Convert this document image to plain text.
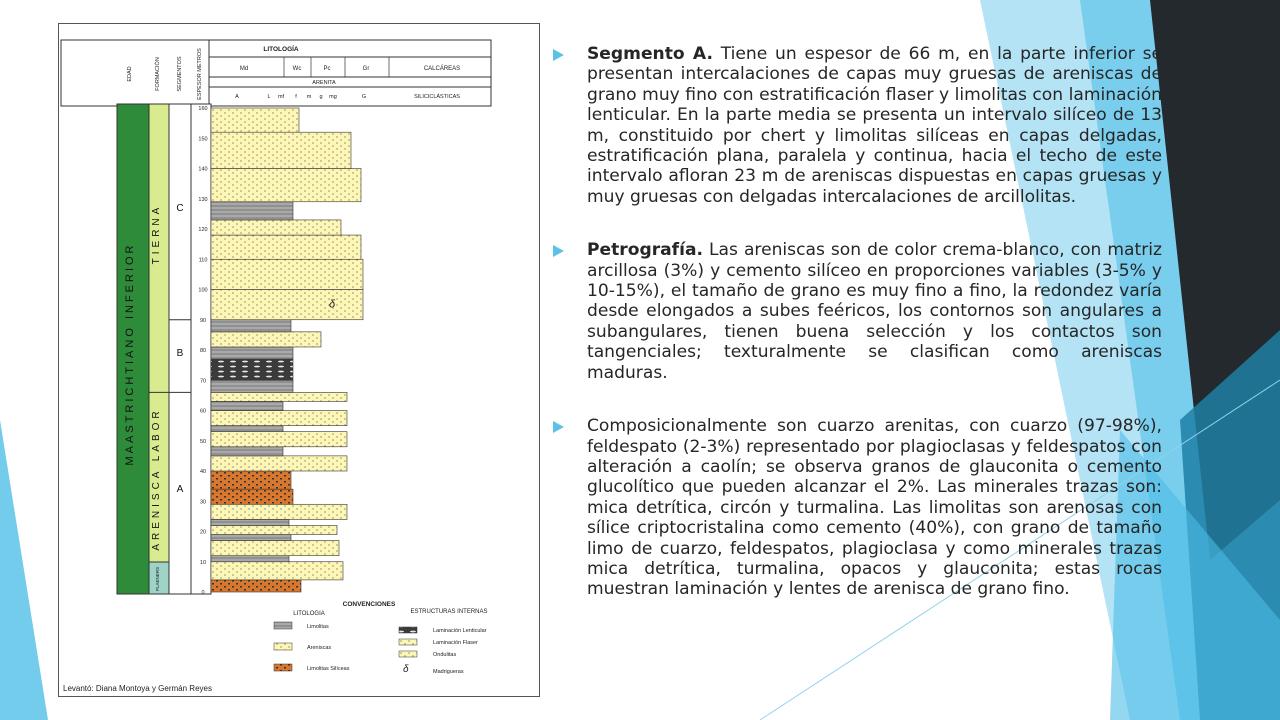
LITOLOGÍA
Md	Wc	Pc	Gr	CALCÁREAS
ARENITA
A	L mf f m g mg	G	SILICICLÁSTICAS
EDAD	FORMACIÓN	SEGMENTOS	ESPESOR METROS
MAASTRICHTIANO INFERIOR
TIERNA
ARENISCA LABOR
PLAENERS
C
B
A
160
150
140
130
120
110
100
90
80
70
60
50
40
30
20
10
0
δ
CONVENCIONES
LITOLOGIA	ESTRUCTURAS INTERNAS
Limolitas
Areniscas
Limolitas Silíceas
Laminación Lenticular
Laminación Flaser
Ondulitas
δ	Madrigueras
Levantó: Diana Montoya y Germán Reyes
Segmento A. Tiene un espesor de 66 m, en la parte inferior se presentan intercalaciones de capas muy gruesas de areniscas de grano muy fino con estratificación flaser y limolitas con laminación lenticular. En la parte media se presenta un intervalo silíceo de 13 m, constituido por chert y limolitas silíceas en capas delgadas, estratificación plana, paralela y continua, hacia el techo de este intervalo afloran 23 m de areniscas dispuestas en capas gruesas y muy gruesas con delgadas intercalaciones de arcillolitas.
Petrografía. Las areniscas son de color crema-blanco, con matriz arcillosa (3%) y cemento silíceo en proporciones variables (3-5% y 10-15%), el tamaño de grano es muy fino a fino, la redondez varía desde elongados a subes feéricos, los contornos son angulares a subangulares, tienen buena selección y los contactos son tangenciales; texturalmente se clasifican como areniscas maduras.
Composicionalmente son cuarzo arenitas, con cuarzo (97-98%), feldespato (2-3%) representado por plagioclasas y feldespatos con alteración a caolín; se observa granos de glauconita o cemento glucolítico que pueden alcanzar el 2%. Las minerales trazas son: mica detrítica, circón y turmalina. Las limolitas son arenosas con sílice criptocristalina como cemento (40%), con grano de tamaño limo de cuarzo, feldespatos, plagioclasa y como minerales trazas mica detrítica, turmalina, opacos y glauconita; estas rocas muestran laminación y lentes de arenisca de grano fino.
